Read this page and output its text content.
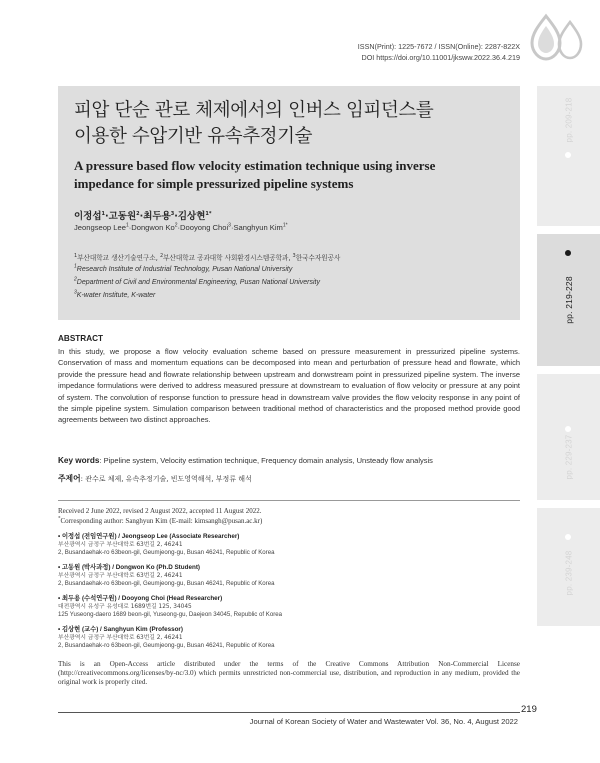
ISSN(Print): 1225-7672 / ISSN(Online): 2287-822X
DOI https://doi.org/10.11001/jksww.2022.36.4.219
pp. 209-218
pp. 219-228
pp. 229-237
pp. 239-248
피압 단순 관로 체제에서의 인버스 임피던스를
이용한 수압기반 유속추정기술
A pressure based flow velocity estimation technique using inverse
impedance for simple pressurized pipeline systems
이정섭$^1$·고동원$^2$·최두용$^3$·김상현$^{1*}$
Jeongseop Lee$^1$·Dongwon $Ko^2\cdot Dooyong$ Choi$^3$·Sanghyun Kim$^{1*}$
$^1$부산대학교 생산기술연구소, $^2$부산대학교 공과대학 사회환경시스템공학과, $^3$한국수자원공사
$^1$Research Institute of Industrial Technology, Pusan National University
$^2$Department of Civil and Environmental Engineering, Pusan National University
$^3$K-water Institute, K-water
ABSTRACT
In this study, we propose a flow velocity evaluation scheme based on pressure measurement in pressurized pipeline systems. Conservation of mass and momentum equations can be decomposed into mean and perturbation of pressure head and flowrate, which provide the pressure head and flowrate relationship between upstream and donwstream point in pressurized pipeline system. The inverse impedance formulations were derived to address measured pressure at downstream to evaluation of flow velocity or pressure at any point of system. The convolution of response function to pressure head in downstream valve provides the flow velocity response in any point of the simple pipeline system. Simulation comparison between traditional method of characteristics and the proposed method provide good agreements between two distinct approaches.
Key words: Pipeline system, Velocity estimation technique, Frequency domain analysis, Unsteady flow analysis
주제어: 관수로 체제, 유속추정기술, 빈도영역해석, 부정류 해석
Received 2 June 2022, revised 2 August 2022, accepted 11 August 2022.
*Corresponding author: Sanghyun Kim (E-mail: kimsangh@pusan.ac.kr)
• 이정섭 (전임연구원) / Jeongseop Lee (Associate Researcher)
부산광역시 금정구 부산대학로 63번길 2, 46241
2, Busandaehak-ro 63beon-gil, Geumjeong-gu, Busan 46241, Republic of Korea
• 고동원 (박사과정) / Dongwon Ko (Ph.D Student)
부산광역시 금정구 부산대학로 63번길 2, 46241
2, Busandaehak-ro 63beon-gil, Geumjeong-gu, Busan 46241, Republic of Korea
• 최두용 (수석연구원) / Dooyong Choi (Head Researcher)
대전광역시 유성구 유성대로 1689번길 125, 34045
125 Yuseong-daero 1689 beon-gil, Yuseong-gu, Daejeon 34045, Republic of Korea
• 김상현 (교수) / Sanghyun Kim (Professor)
부산광역시 금정구 부산대학로 63번길 2, 46241
2, Busandaehak-ro 63beon-gil, Geumjeong-gu, Busan 46241, Republic of Korea
This is an Open-Access article distributed under the terms of the Creative Commons Attribution Non-Commercial License (http://creativecommons.org/licenses/by-nc/3.0) which permits unrestricted non-commercial use, distribution, and reproduction in any medium, provided the original work is properly cited.
219
Journal of Korean Society of Water and Wastewater Vol. 36, No. 4, August 2022
